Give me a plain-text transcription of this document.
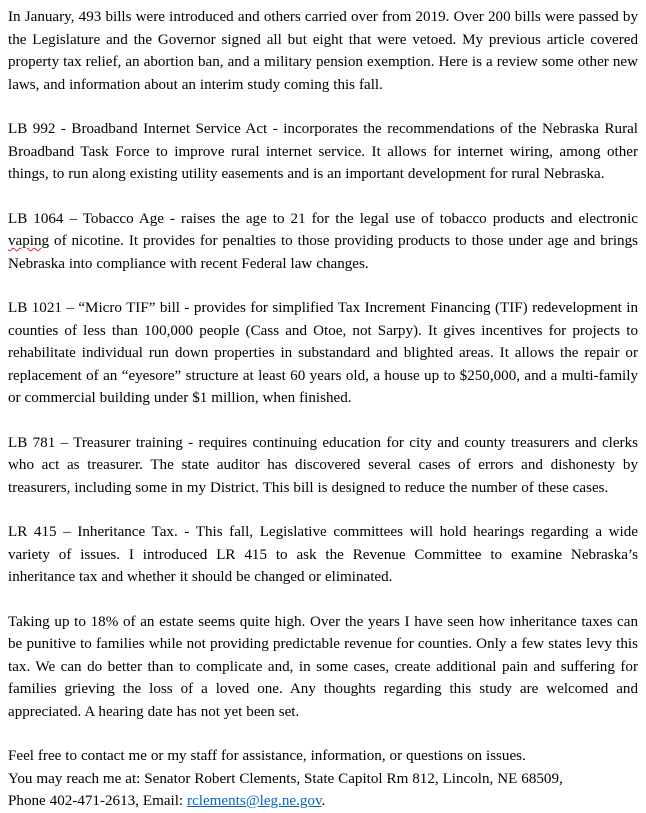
In January, 493 bills were introduced and others carried over from 2019. Over 200 bills were passed by the Legislature and the Governor signed all but eight that were vetoed. My previous article covered property tax relief, an abortion ban, and a military pension exemption. Here is a review some other new laws, and information about an interim study coming this fall.

LB 992 - Broadband Internet Service Act - incorporates the recommendations of the Nebraska Rural Broadband Task Force to improve rural internet service. It allows for internet wiring, among other things, to run along existing utility easements and is an important development for rural Nebraska.

LB 1064 – Tobacco Age - raises the age to 21 for the legal use of tobacco products and electronic vaping of nicotine. It provides for penalties to those providing products to those under age and brings Nebraska into compliance with recent Federal law changes.

LB 1021 – “Micro TIF” bill - provides for simplified Tax Increment Financing (TIF) redevelopment in counties of less than 100,000 people (Cass and Otoe, not Sarpy). It gives incentives for projects to rehabilitate individual run down properties in substandard and blighted areas. It allows the repair or replacement of an “eyesore” structure at least 60 years old, a house up to $250,000, and a multi-family or commercial building under $1 million, when finished.

LB 781 – Treasurer training - requires continuing education for city and county treasurers and clerks who act as treasurer. The state auditor has discovered several cases of errors and dishonesty by treasurers, including some in my District. This bill is designed to reduce the number of these cases.

LR 415 – Inheritance Tax. - This fall, Legislative committees will hold hearings regarding a wide variety of issues. I introduced LR 415 to ask the Revenue Committee to examine Nebraska’s inheritance tax and whether it should be changed or eliminated.

Taking up to 18% of an estate seems quite high. Over the years I have seen how inheritance taxes can be punitive to families while not providing predictable revenue for counties. Only a few states levy this tax. We can do better than to complicate and, in some cases, create additional pain and suffering for families grieving the loss of a loved one. Any thoughts regarding this study are welcomed and appreciated. A hearing date has not yet been set.

Feel free to contact me or my staff for assistance, information, or questions on issues.
You may reach me at: Senator Robert Clements, State Capitol Rm 812, Lincoln, NE 68509,
Phone 402-471-2613, Email: rclements@leg.ne.gov.
